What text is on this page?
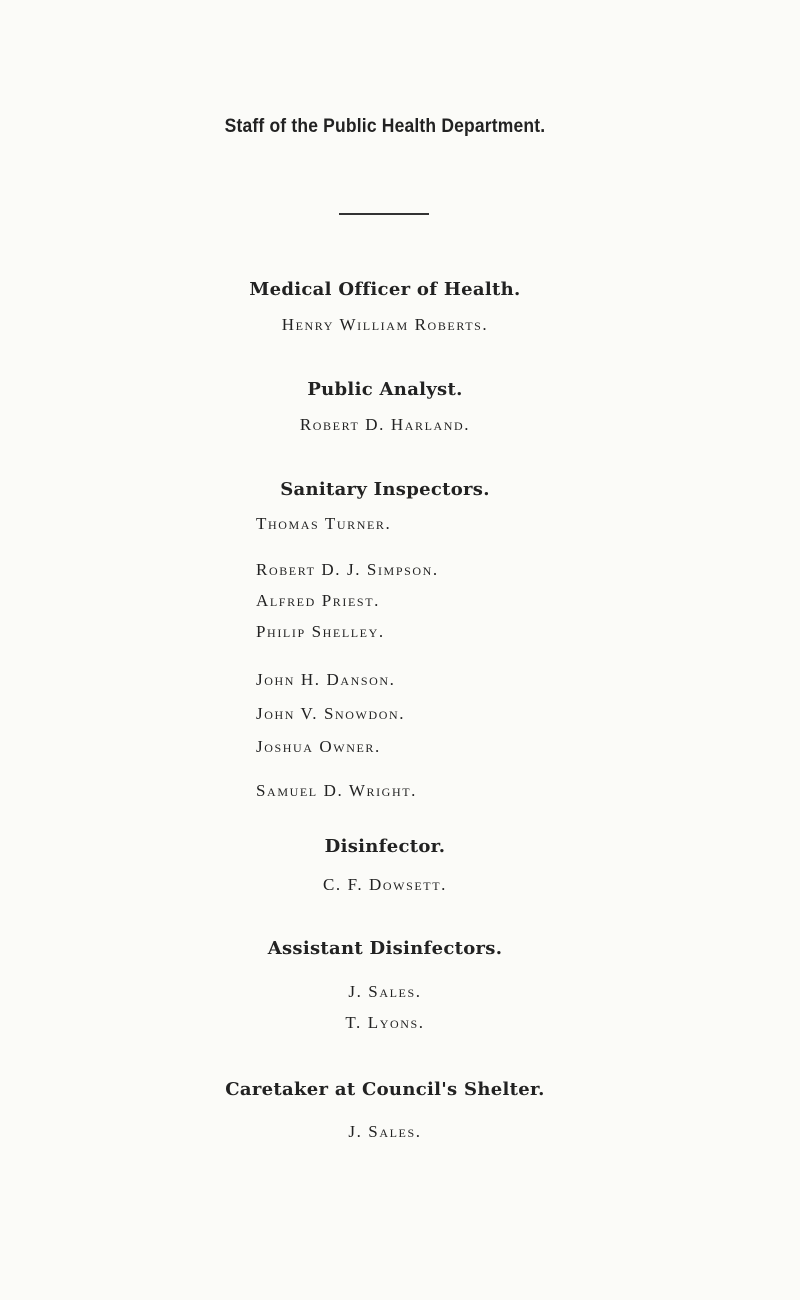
Staff of the Public Health Department.
Medical Officer of Health.
Henry William Roberts.
Public Analyst.
Robert D. Harland.
Sanitary Inspectors.
Thomas Turner.
Robert D. J. Simpson.
Alfred Priest.
Philip Shelley.
John H. Danson.
John V. Snowdon.
Joshua Owner.
Samuel D. Wright.
Disinfector.
C. F. Dowsett.
Assistant Disinfectors.
J. Sales.
T. Lyons.
Caretaker at Council's Shelter.
J. Sales.
